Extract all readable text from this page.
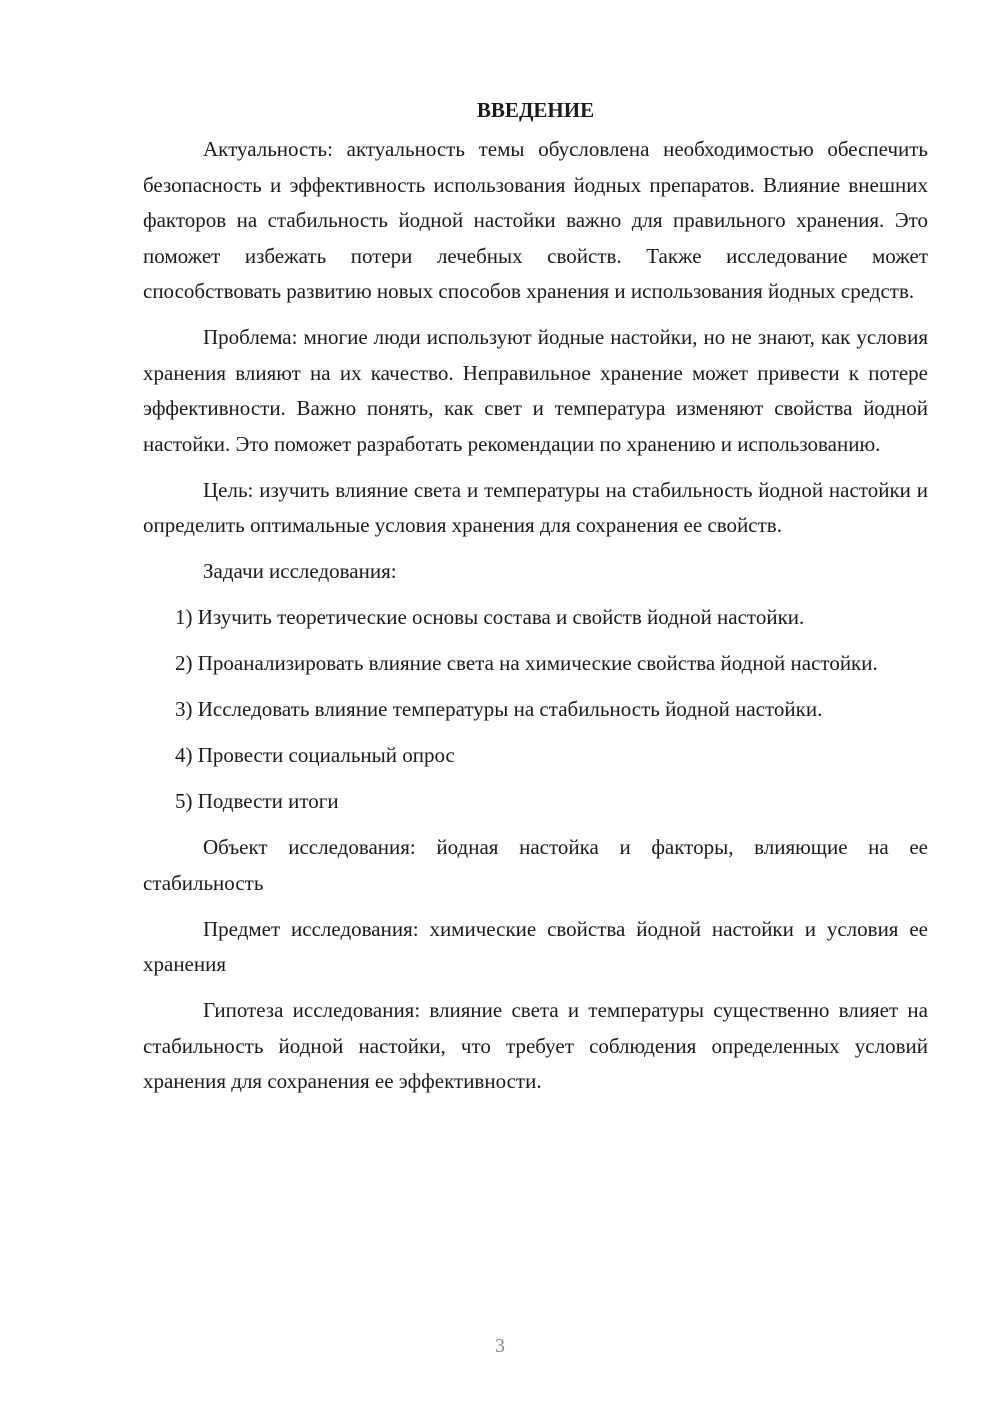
ВВЕДЕНИЕ

Актуальность: актуальность темы обусловлена необходимостью обеспечить безопасность и эффективность использования йодных препаратов. Влияние внешних факторов на стабильность йодной настойки важно для правильного хранения. Это поможет избежать потери лечебных свойств. Также исследование может способствовать развитию новых способов хранения и использования йодных средств.

Проблема: многие люди используют йодные настойки, но не знают, как условия хранения влияют на их качество. Неправильное хранение может привести к потере эффективности. Важно понять, как свет и температура изменяют свойства йодной настойки. Это поможет разработать рекомендации по хранению и использованию.

Цель: изучить влияние света и температуры на стабильность йодной настойки и определить оптимальные условия хранения для сохранения ее свойств.

Задачи исследования:

1) Изучить теоретические основы состава и свойств йодной настойки.

2) Проанализировать влияние света на химические свойства йодной настойки.

3) Исследовать влияние температуры на стабильность йодной настойки.

4) Провести социальный опрос

5) Подвести итоги

Объект исследования: йодная настойка и факторы, влияющие на ее стабильность

Предмет исследования: химические свойства йодной настойки и условия ее хранения

Гипотеза исследования: влияние света и температуры существенно влияет на стабильность йодной настойки, что требует соблюдения определенных условий хранения для сохранения ее эффективности.

3
